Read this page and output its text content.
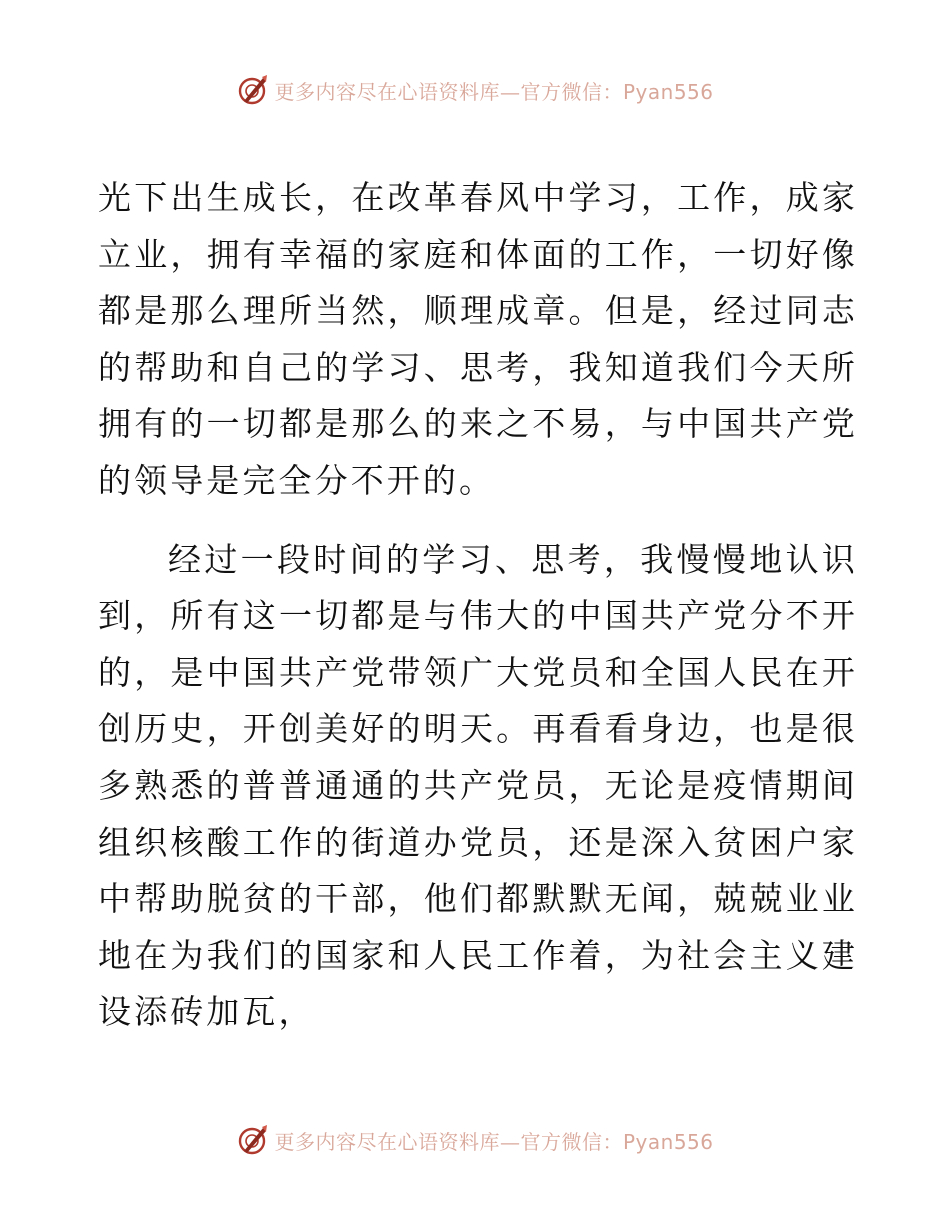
更多内容尽在心语资料库—官方微信：Pyan556

光下出生成长，在改革春风中学习，工作，成家立业，拥有幸福的家庭和体面的工作，一切好像都是那么理所当然，顺理成章。但是，经过同志的帮助和自己的学习、思考，我知道我们今天所拥有的一切都是那么的来之不易，与中国共产党的领导是完全分不开的。

经过一段时间的学习、思考，我慢慢地认识到，所有这一切都是与伟大的中国共产党分不开的，是中国共产党带领广大党员和全国人民在开创历史，开创美好的明天。再看看身边，也是很多熟悉的普普通通的共产党员，无论是疫情期间组织核酸工作的街道办党员，还是深入贫困户家中帮助脱贫的干部，他们都默默无闻，兢兢业业地在为我们的国家和人民工作着，为社会主义建设添砖加瓦，

更多内容尽在心语资料库—官方微信：Pyan556
